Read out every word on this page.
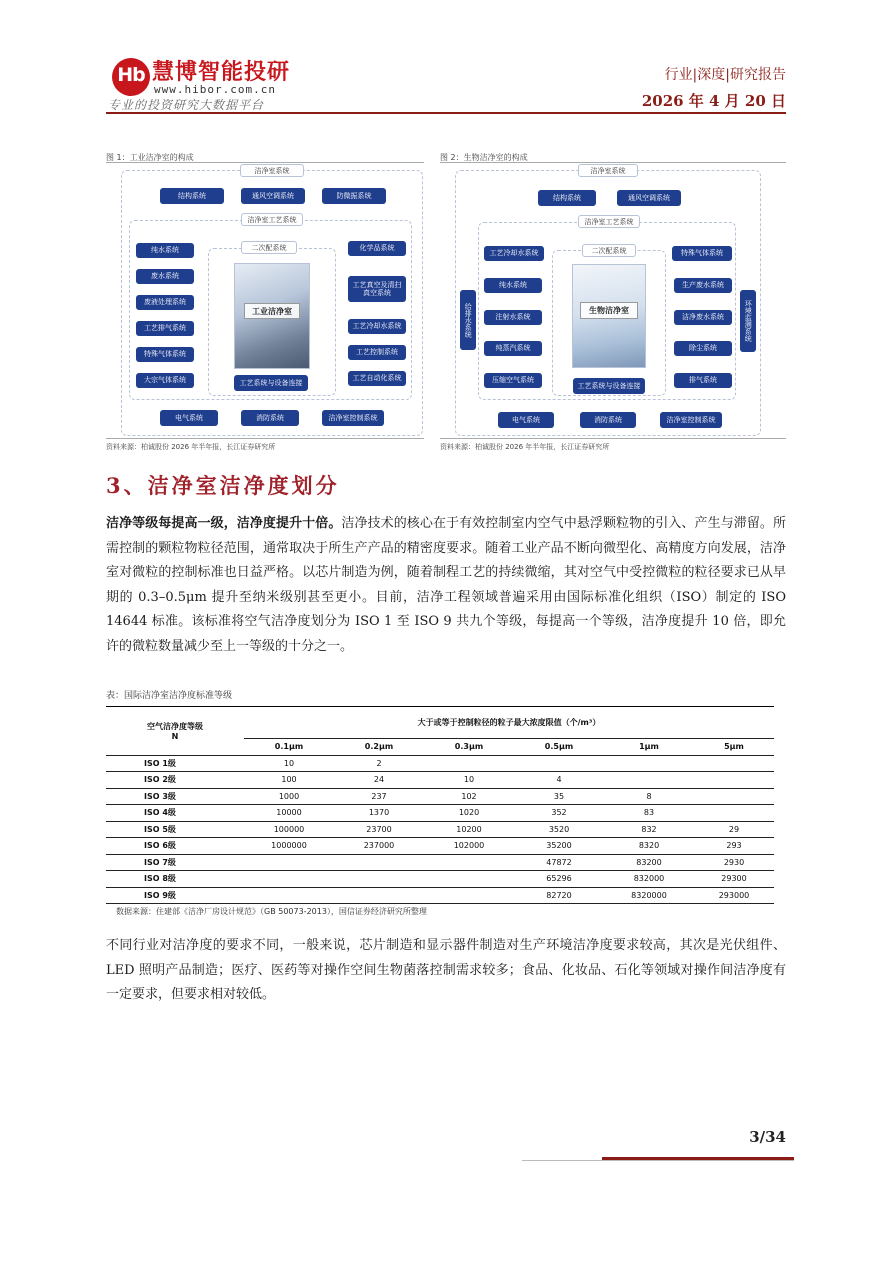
Hb 慧博智能投研
www.hibor.com.cn
专业的投资研究大数据平台
行业|深度|研究报告
2026 年 4 月 20 日
图 1：工业洁净室的构成
洁净室系统
结构系统	通风空调系统	防微振系统
洁净室工艺系统
纯水系统
废水系统
废液处理系统
工艺排气系统
特殊气体系统
大宗气体系统
二次配系统
工业洁净室
工艺系统与设备连接
化学品系统
工艺真空及清扫真空系统
工艺冷却水系统
工艺控制系统
工艺自动化系统
电气系统	消防系统	洁净室控制系统
资料来源：柏诚股份 2026 年半年报，长江证券研究所
图 2：生物洁净室的构成
洁净室系统
结构系统	通风空调系统
给排水系统	环境监测系统
洁净室工艺系统
工艺冷却水系统
纯水系统
注射水系统
纯蒸汽系统
压缩空气系统
二次配系统
生物洁净室
工艺系统与设备连接
特殊气体系统
生产废水系统
洁净废水系统
除尘系统
排气系统
电气系统	消防系统	洁净室控制系统
资料来源：柏诚股份 2026 年半年报，长江证券研究所
3、洁净室洁净度划分

洁净等级每提高一级，洁净度提升十倍。洁净技术的核心在于有效控制室内空气中悬浮颗粒物的引入、产生与滞留。所需控制的颗粒物粒径范围，通常取决于所生产产品的精密度要求。随着工业产品不断向微型化、高精度方向发展，洁净室对微粒的控制标准也日益严格。以芯片制造为例，随着制程工艺的持续微缩，其对空气中受控微粒的粒径要求已从早期的 0.3–0.5μm 提升至纳米级别甚至更小。目前，洁净工程领域普遍采用由国际标准化组织（ISO）制定的 ISO 14644 标准。该标准将空气洁净度划分为 ISO 1 至 ISO 9 共九个等级，每提高一个等级，洁净度提升 10 倍，即允许的微粒数量减少至上一等级的十分之一。

表：国际洁净室洁净度标准等级
空气洁净度等级
N	大于或等于控制粒径的粒子最大浓度限值（个/m³）					
	0.1μm	0.2μm	0.3μm	0.5μm	1μm	5μm
ISO 1级	10	2				
ISO 2级	100	24	10	4		
ISO 3级	1000	237	102	35	8	
ISO 4级	10000	1370	1020	352	83	
ISO 5级	100000	23700	10200	3520	832	29
ISO 6级	1000000	237000	102000	35200	8320	293
ISO 7级				47872	83200	2930
ISO 8级				65296	832000	29300
ISO 9级				82720	8320000	293000
数据来源：住建部《洁净厂房设计规范》（GB 50073-2013），国信证券经济研究所整理

不同行业对洁净度的要求不同，一般来说，芯片制造和显示器件制造对生产环境洁净度要求较高，其次是光伏组件、LED 照明产品制造；医疗、医药等对操作空间生物菌落控制需求较多；食品、化妆品、石化等领域对操作间洁净度有一定要求，但要求相对较低。

3/34
